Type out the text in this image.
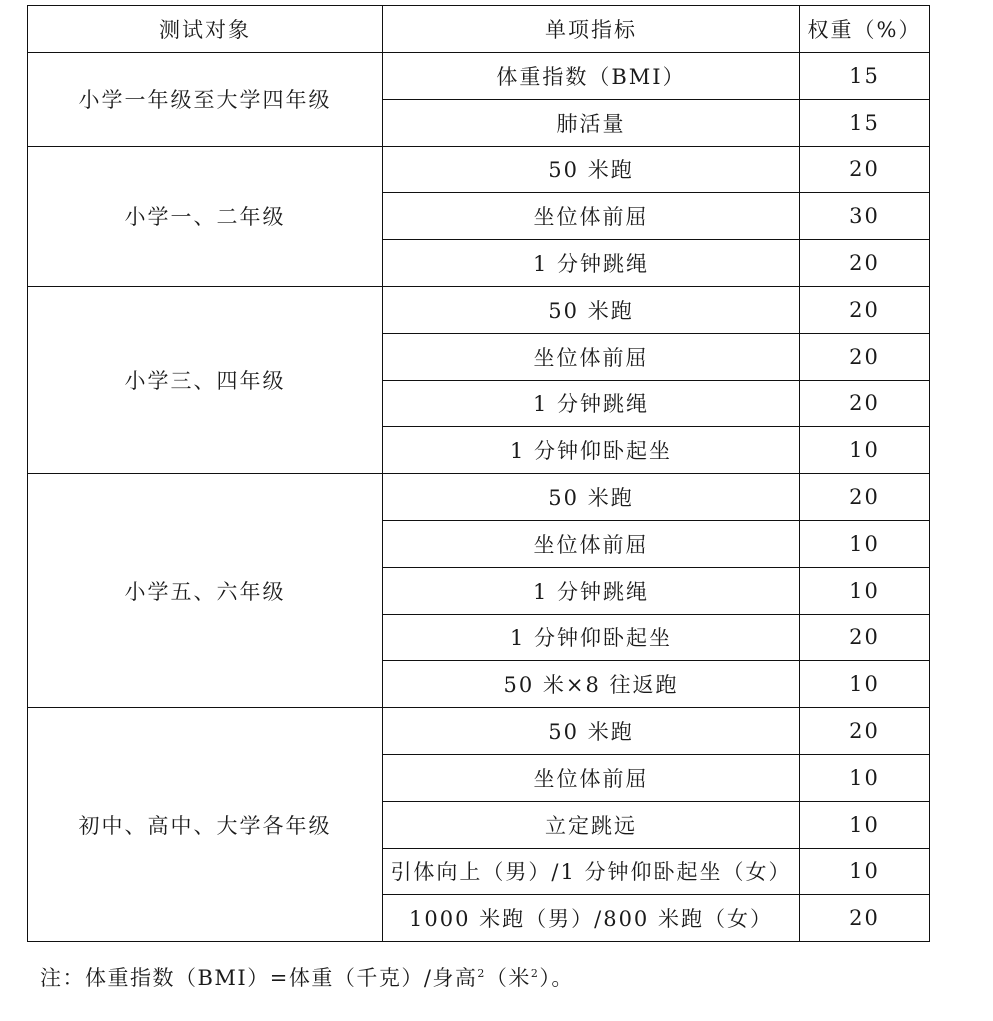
测试对象	单项指标	权重（%）
小学一年级至大学四年级	体重指数（BMI）	15
	肺活量	15
小学一、二年级	50 米跑	20
	坐位体前屈	30
	1 分钟跳绳	20
小学三、四年级	50 米跑	20
	坐位体前屈	20
	1 分钟跳绳	20
	1 分钟仰卧起坐	10
小学五、六年级	50 米跑	20
	坐位体前屈	10
	1 分钟跳绳	10
	1 分钟仰卧起坐	20
	50 米×8 往返跑	10
初中、高中、大学各年级	50 米跑	20
	坐位体前屈	10
	立定跳远	10
	引体向上（男）/1 分钟仰卧起坐（女）	10
	1000 米跑（男）/800 米跑（女）	20
注：体重指数（BMI）=体重（千克）/身高$^2$（米$^2$）。
